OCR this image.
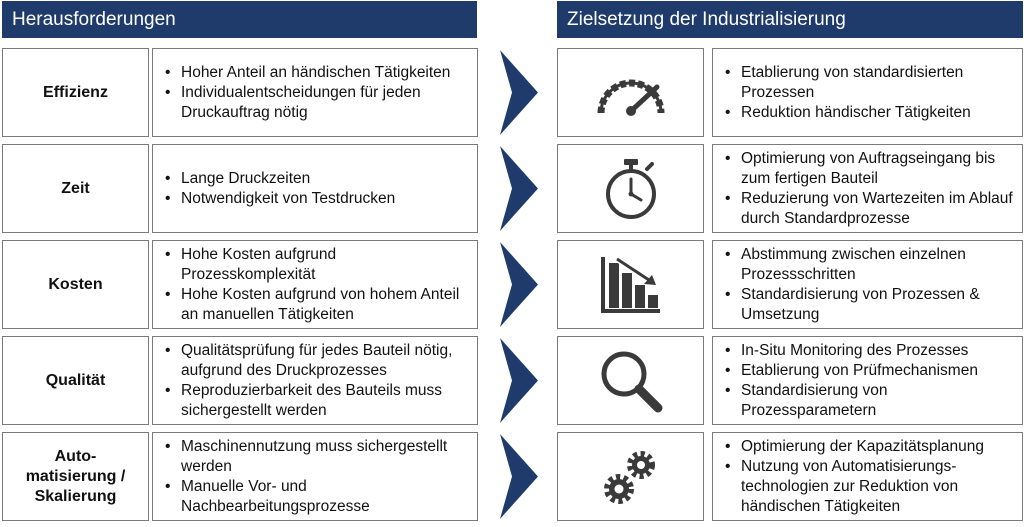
Herausforderungen	Zielsetzung der Industrialisierung
Effizienz
• Hoher Anteil an händischen Tätigkeiten
• Individualentscheidungen für jeden Druckauftrag nötig
• Etablierung von standardisierten Prozessen
• Reduktion händischer Tätigkeiten
Zeit
• Lange Druckzeiten
• Notwendigkeit von Testdrucken
• Optimierung von Auftragseingang bis zum fertigen Bauteil
• Reduzierung von Wartezeiten im Ablauf durch Standardprozesse
Kosten
• Hohe Kosten aufgrund Prozesskomplexität
• Hohe Kosten aufgrund von hohem Anteil an manuellen Tätigkeiten
• Abstimmung zwischen einzelnen Prozessschritten
• Standardisierung von Prozessen & Umsetzung
Qualität
• Qualitätsprüfung für jedes Bauteil nötig, aufgrund des Druckprozesses
• Reproduzierbarkeit des Bauteils muss sichergestellt werden
• In-Situ Monitoring des Prozesses
• Etablierung von Prüfmechanismen
• Standardisierung von Prozessparametern
Auto-
matisierung /
Skalierung
• Maschinennutzung muss sichergestellt werden
• Manuelle Vor- und Nachbearbeitungsprozesse
• Optimierung der Kapazitätsplanung
• Nutzung von Automatisierungs-technologien zur Reduktion von händischen Tätigkeiten
